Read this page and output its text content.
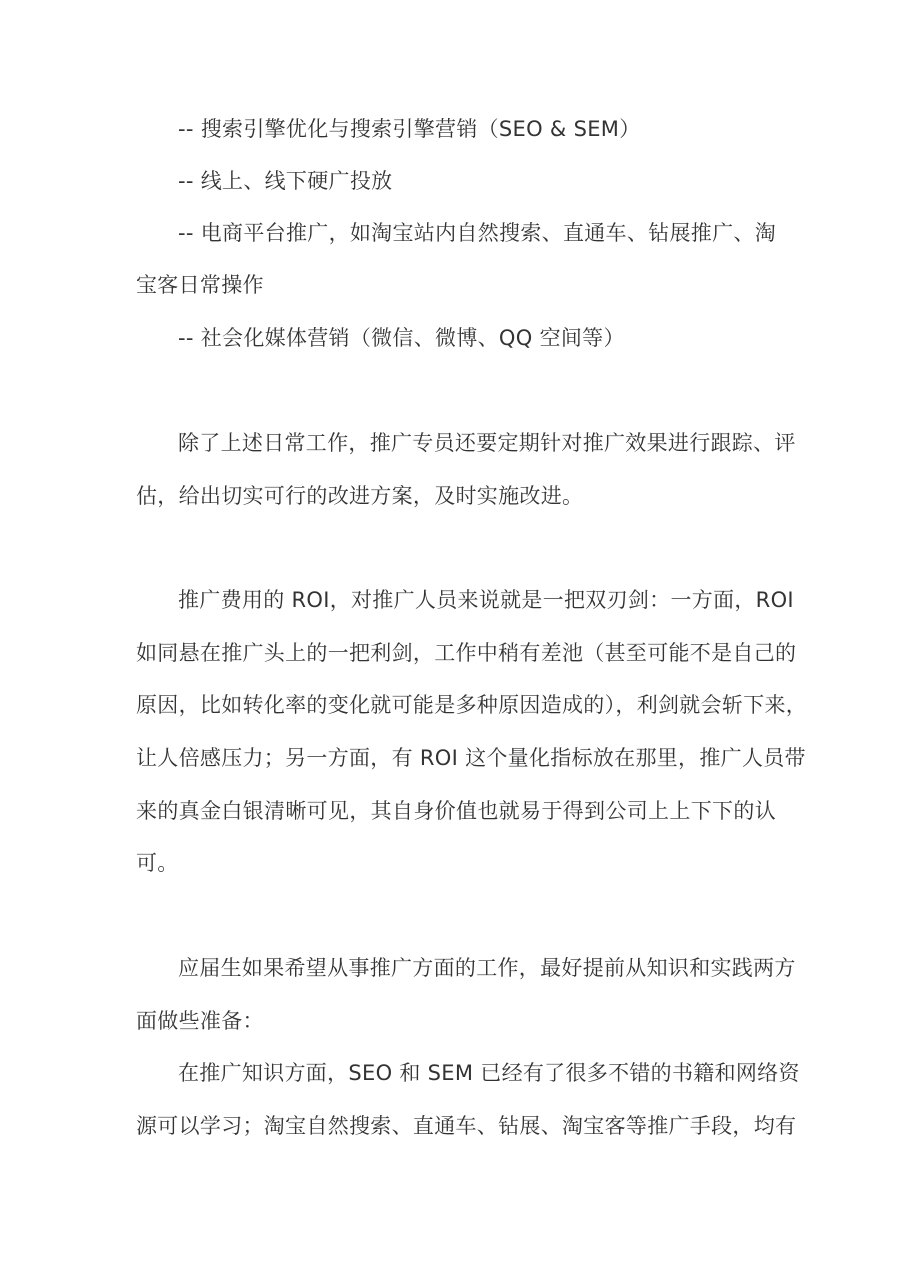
-- 搜索引擎优化与搜索引擎营销（SEO & SEM）
-- 线上、线下硬广投放
-- 电商平台推广，如淘宝站内自然搜索、直通车、钻展推广、淘
宝客日常操作
-- 社会化媒体营销（微信、微博、QQ 空间等）
除了上述日常工作，推广专员还要定期针对推广效果进行跟踪、评
估，给出切实可行的改进方案，及时实施改进。
推广费用的 ROI，对推广人员来说就是一把双刃剑：一方面，ROI
如同悬在推广头上的一把利剑，工作中稍有差池（甚至可能不是自己的
原因，比如转化率的变化就可能是多种原因造成的），利剑就会斩下来，
让人倍感压力；另一方面，有 ROI 这个量化指标放在那里，推广人员带
来的真金白银清晰可见，其自身价值也就易于得到公司上上下下的认
可。
应届生如果希望从事推广方面的工作，最好提前从知识和实践两方
面做些准备：
在推广知识方面，SEO 和 SEM 已经有了很多不错的书籍和网络资
源可以学习；淘宝自然搜索、直通车、钻展、淘宝客等推广手段，均有
